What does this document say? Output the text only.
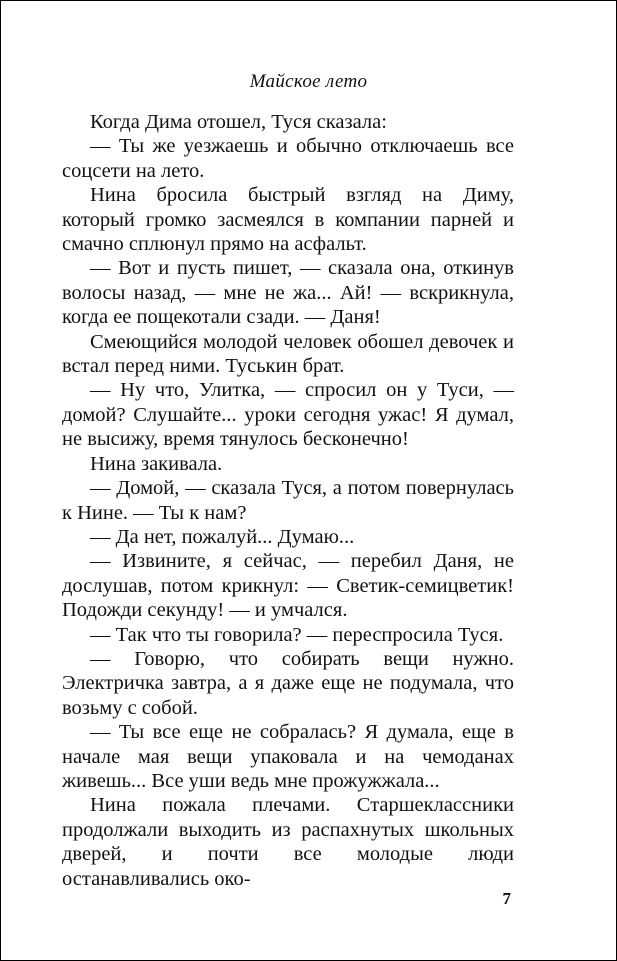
Майское лето

Когда Дима отошел, Туся сказала:

— Ты же уезжаешь и обычно отключаешь все соцсети на лето.

Нина бросила быстрый взгляд на Диму, который громко засмеялся в компании парней и смачно сплюнул прямо на асфальт.

— Вот и пусть пишет, — сказала она, откинув волосы назад, — мне не жа... Ай! — вскрикнула, когда ее пощекотали сзади. — Даня!

Смеющийся молодой человек обошел девочек и встал перед ними. Туськин брат.

— Ну что, Улитка, — спросил он у Туси, — домой? Слушайте... уроки сегодня ужас! Я думал, не высижу, время тянулось бесконечно!

Нина закивала.

— Домой, — сказала Туся, а потом повернулась к Нине. — Ты к нам?

— Да нет, пожалуй... Думаю...

— Извините, я сейчас, — перебил Даня, не дослушав, потом крикнул: — Светик-семицветик! Подожди секунду! — и умчался.

— Так что ты говорила? — переспросила Туся.

— Говорю, что собирать вещи нужно. Электричка завтра, а я даже еще не подумала, что возьму с собой.

— Ты все еще не собралась? Я думала, еще в начале мая вещи упаковала и на чемоданах живешь... Все уши ведь мне прожужжала...

Нина пожала плечами. Старшеклассники продолжали выходить из распахнутых школьных дверей, и почти все молодые люди останавливались око-

7
